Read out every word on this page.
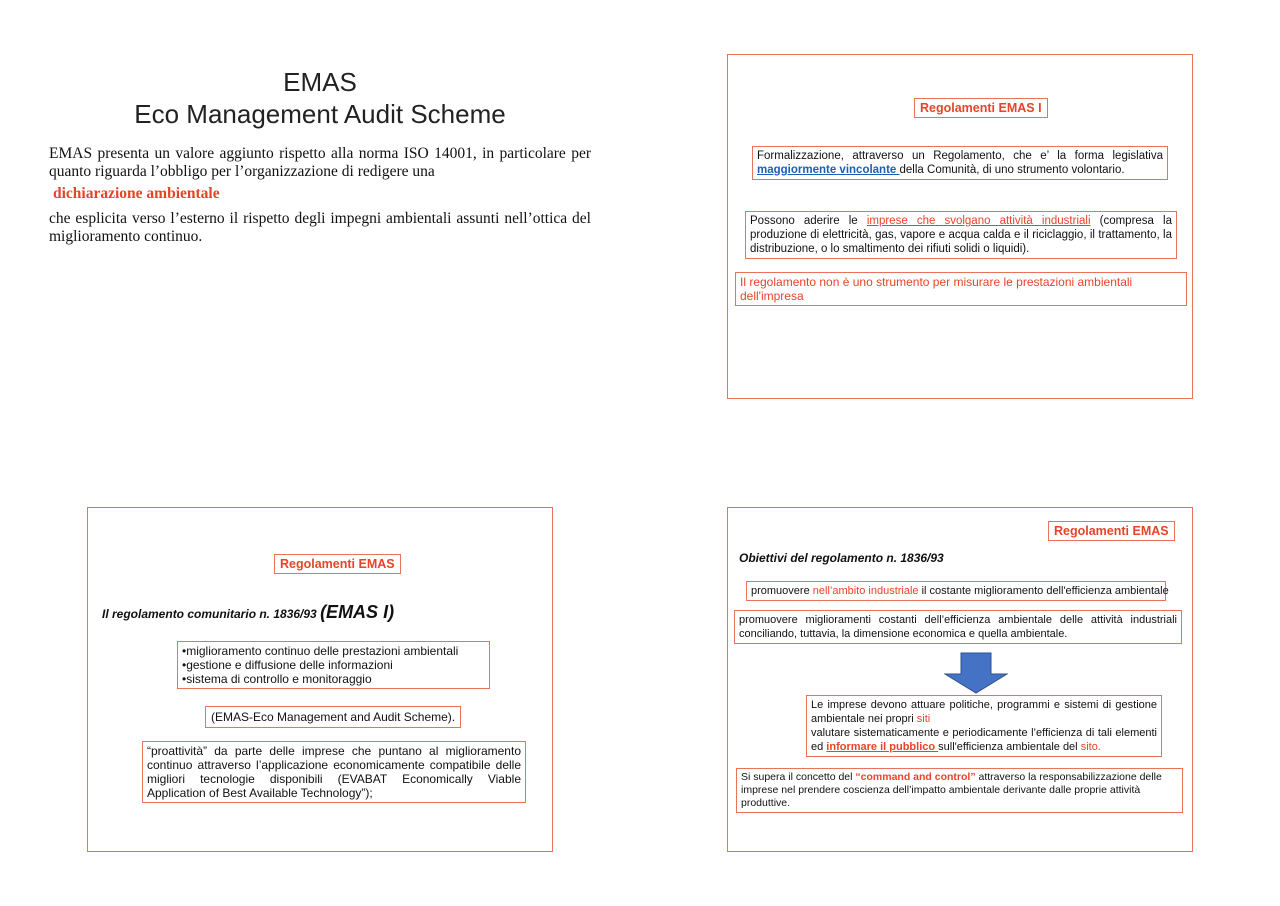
EMAS
Eco Management Audit Scheme
EMAS presenta un valore aggiunto rispetto alla norma ISO 14001, in particolare per quanto riguarda l’obbligo per l’organizzazione di redigere una
dichiarazione ambientale
che esplicita verso l’esterno il rispetto degli impegni ambientali assunti nell’ottica del miglioramento continuo.
Regolamenti EMAS I
Formalizzazione, attraverso un Regolamento, che e’ la forma legislativa maggiormente vincolante della Comunità, di uno strumento volontario.
Possono aderire le imprese che svolgano attività industriali (compresa la produzione di elettricità, gas, vapore e acqua calda e il riciclaggio, il trattamento, la distribuzione, o lo smaltimento dei rifiuti solidi o liquidi).
Il regolamento non è uno strumento per misurare le prestazioni ambientali dell'impresa
Regolamenti EMAS
Il regolamento comunitario n. 1836/93 (EMAS I)
•miglioramento continuo delle prestazioni ambientali
•gestione e diffusione delle informazioni
•sistema di controllo e monitoraggio
(EMAS-Eco Management and Audit Scheme).
“proattività” da parte delle imprese che puntano al miglioramento continuo attraverso l’applicazione economicamente compatibile delle migliori tecnologie disponibili (EVABAT Economically Viable Application of Best Available Technology”);
Regolamenti EMAS
Obiettivi del regolamento n. 1836/93
promuovere nell’ambito industriale il costante miglioramento dell'efficienza ambientale
promuovere miglioramenti costanti dell’efficienza ambientale delle attività industriali conciliando, tuttavia, la dimensione economica e quella ambientale.
Le imprese devono attuare politiche, programmi e sistemi di gestione ambientale nei propri siti
valutare sistematicamente e periodicamente l’efficienza di tali elementi ed informare il pubblico sull'efficienza ambientale del sito.
Si supera il concetto del “command and control” attraverso la responsabilizzazione delle imprese nel prendere coscienza dell’impatto ambientale derivante dalle proprie attività produttive.
